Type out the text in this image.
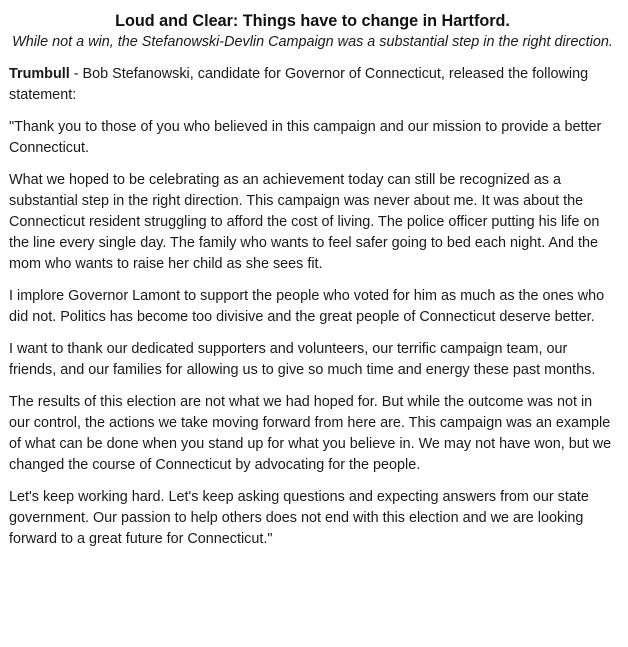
Loud and Clear: Things have to change in Hartford.

While not a win, the Stefanowski-Devlin Campaign was a substantial step in the right direction.

Trumbull - Bob Stefanowski, candidate for Governor of Connecticut, released the following statement:

"Thank you to those of you who believed in this campaign and our mission to provide a better Connecticut.

What we hoped to be celebrating as an achievement today can still be recognized as a substantial step in the right direction. This campaign was never about me. It was about the Connecticut resident struggling to afford the cost of living. The police officer putting his life on the line every single day. The family who wants to feel safer going to bed each night. And the mom who wants to raise her child as she sees fit.

I implore Governor Lamont to support the people who voted for him as much as the ones who did not. Politics has become too divisive and the great people of Connecticut deserve better.

I want to thank our dedicated supporters and volunteers, our terrific campaign team, our friends, and our families for allowing us to give so much time and energy these past months.

The results of this election are not what we had hoped for. But while the outcome was not in our control, the actions we take moving forward from here are. This campaign was an example of what can be done when you stand up for what you believe in. We may not have won, but we changed the course of Connecticut by advocating for the people.

Let's keep working hard. Let's keep asking questions and expecting answers from our state government. Our passion to help others does not end with this election and we are looking forward to a great future for Connecticut."
